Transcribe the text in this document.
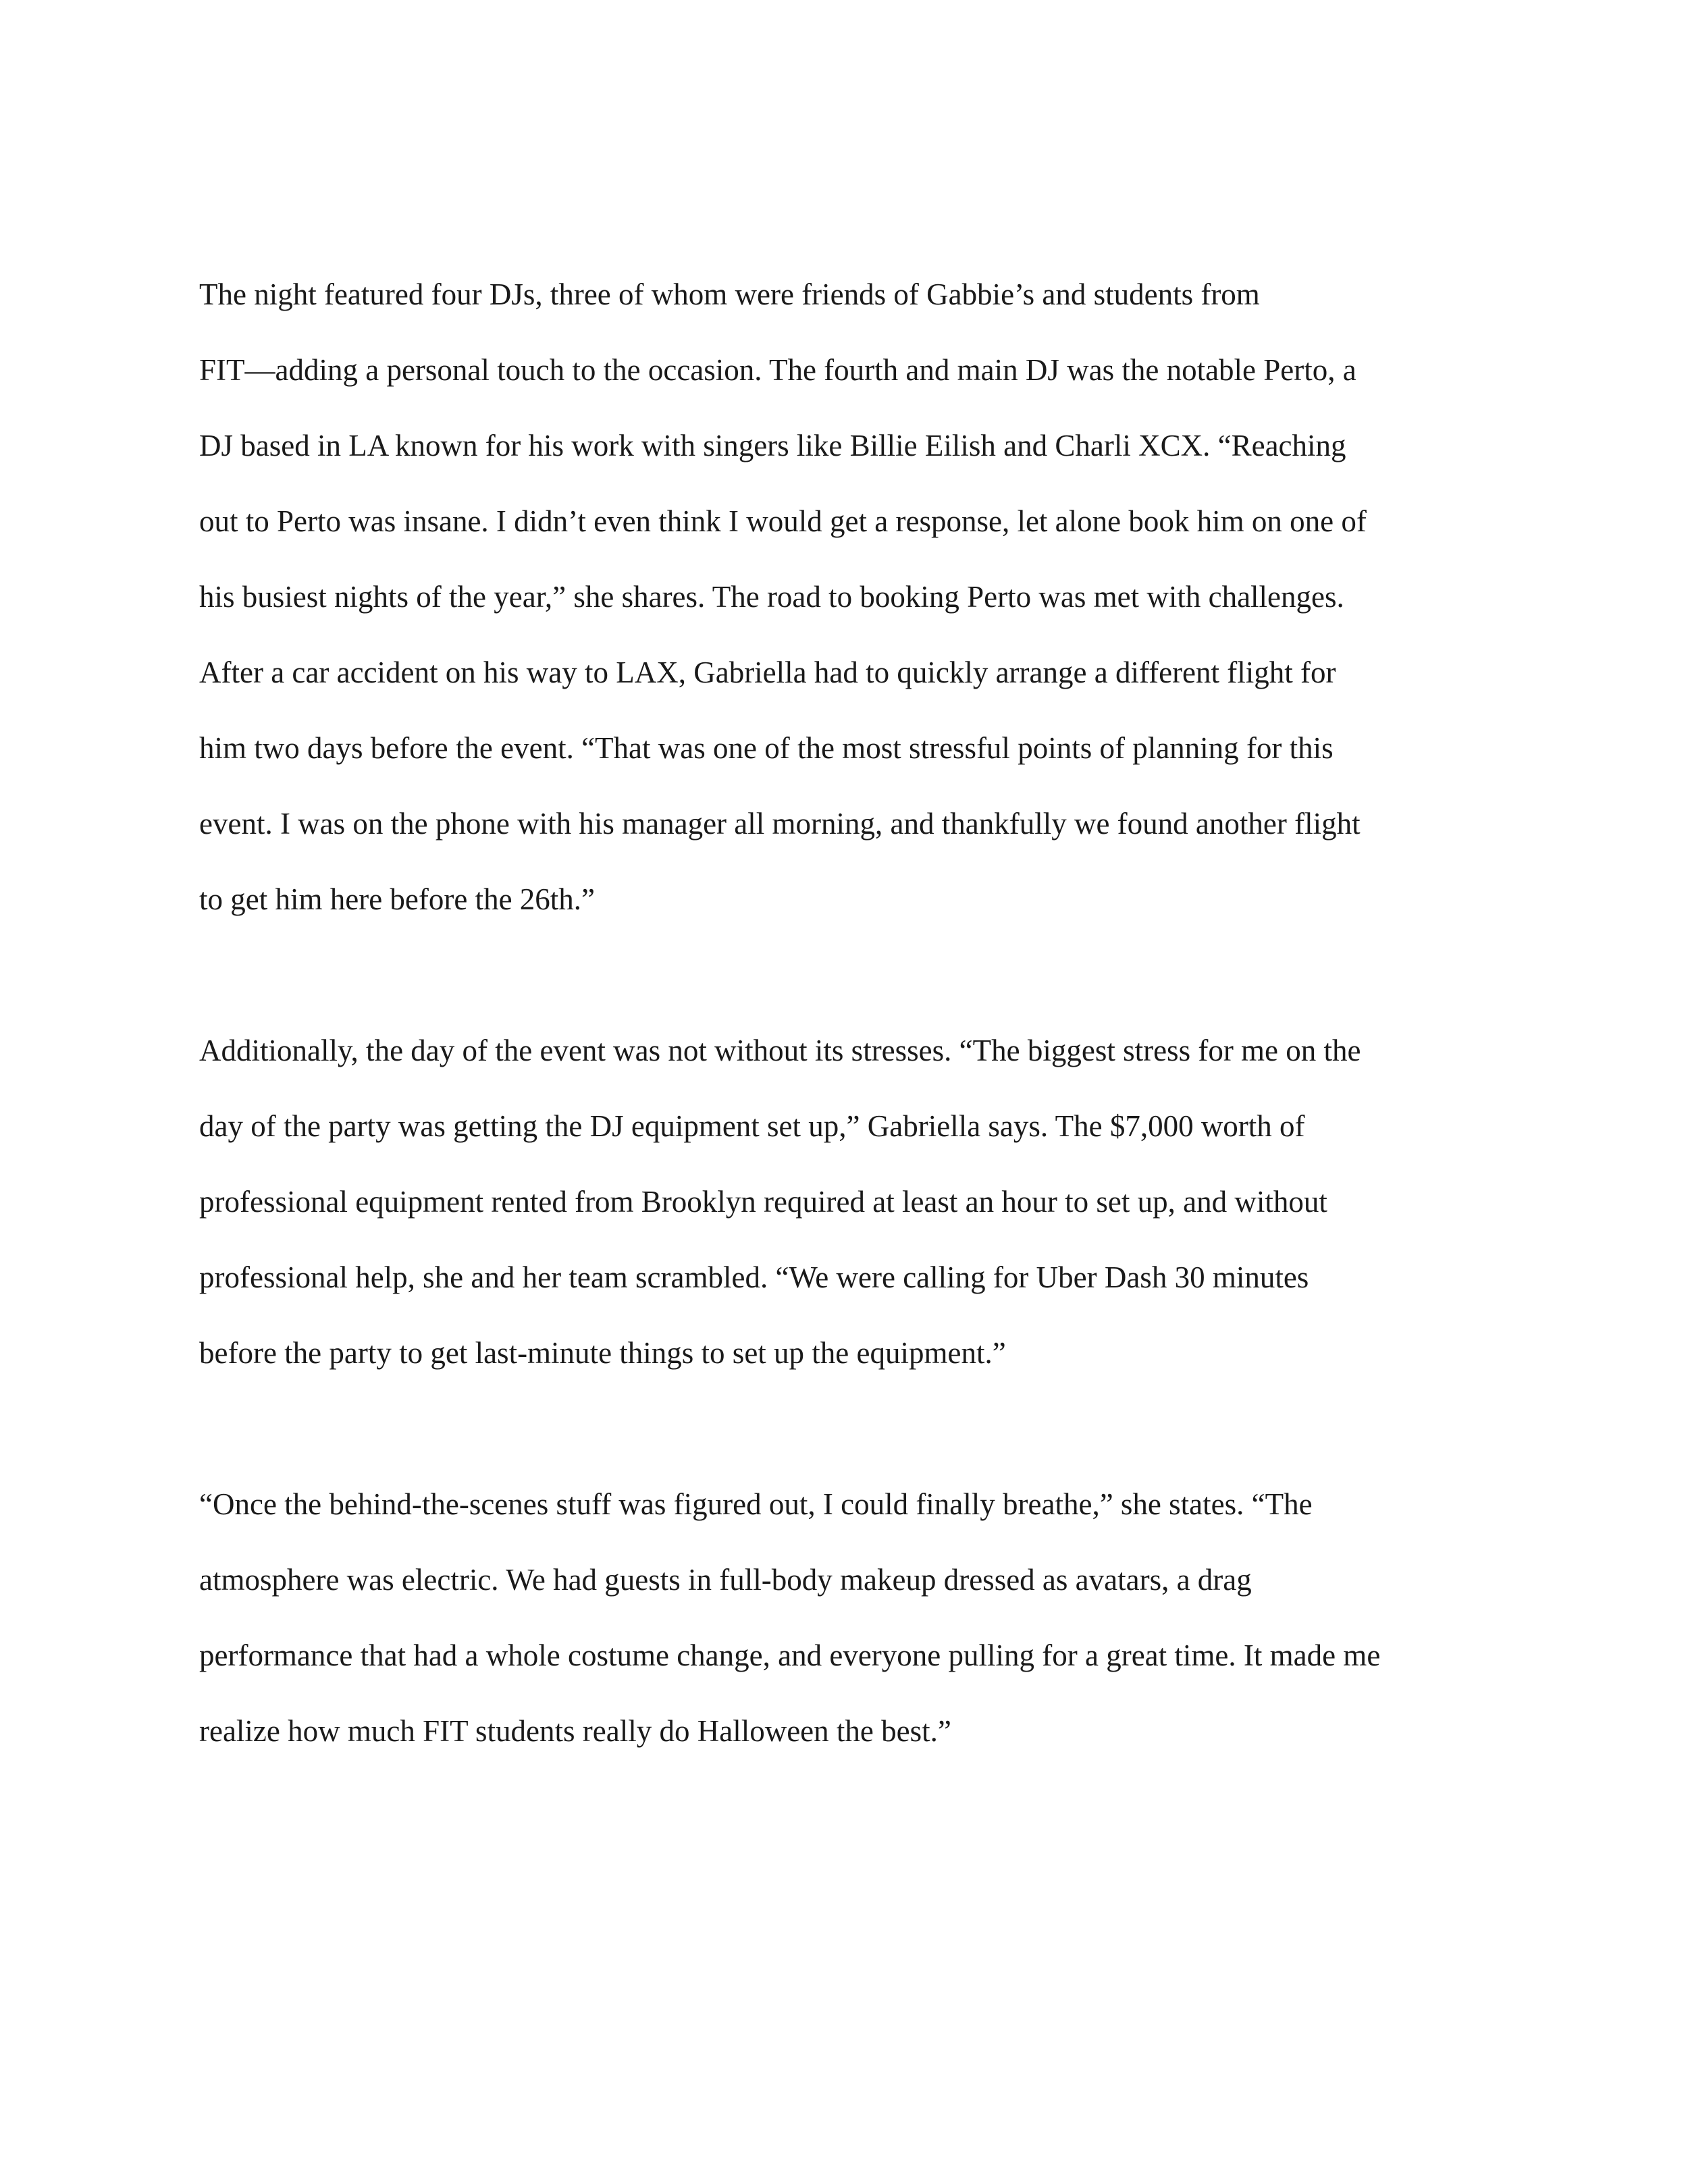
The night featured four DJs, three of whom were friends of Gabbie’s and students from
FIT—adding a personal touch to the occasion. The fourth and main DJ was the notable Perto, a
DJ based in LA known for his work with singers like Billie Eilish and Charli XCX. “Reaching
out to Perto was insane. I didn’t even think I would get a response, let alone book him on one of
his busiest nights of the year,” she shares. The road to booking Perto was met with challenges.
After a car accident on his way to LAX, Gabriella had to quickly arrange a different flight for
him two days before the event. “That was one of the most stressful points of planning for this
event. I was on the phone with his manager all morning, and thankfully we found another flight
to get him here before the 26th.”
Additionally, the day of the event was not without its stresses. “The biggest stress for me on the
day of the party was getting the DJ equipment set up,” Gabriella says. The $7,000 worth of
professional equipment rented from Brooklyn required at least an hour to set up, and without
professional help, she and her team scrambled. “We were calling for Uber Dash 30 minutes
before the party to get last-minute things to set up the equipment.”
“Once the behind-the-scenes stuff was figured out, I could finally breathe,” she states. “The
atmosphere was electric. We had guests in full-body makeup dressed as avatars, a drag
performance that had a whole costume change, and everyone pulling for a great time. It made me
realize how much FIT students really do Halloween the best.”
